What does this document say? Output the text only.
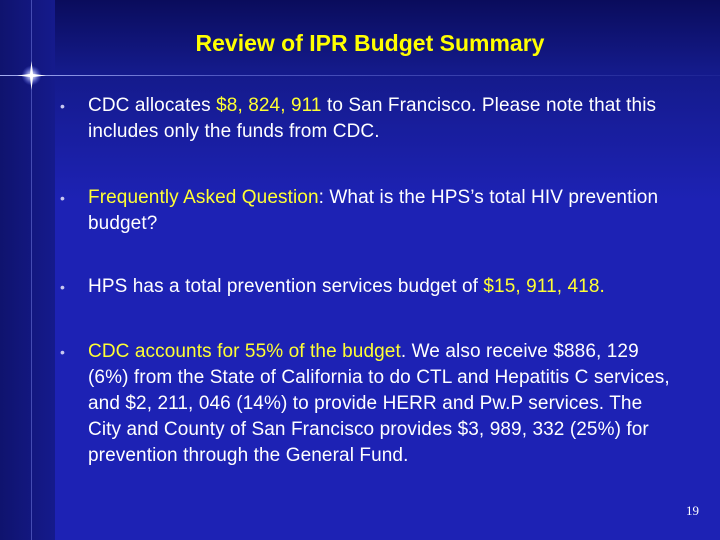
Review of IPR Budget Summary
• CDC allocates $8, 824, 911 to San Francisco. Please note that this includes only the funds from CDC.
• Frequently Asked Question: What is the HPS’s total HIV prevention budget?
• HPS has a total prevention services budget of $15, 911, 418.
• CDC accounts for 55% of the budget. We also receive $886, 129 (6%) from the State of California to do CTL and Hepatitis C services, and $2, 211, 046 (14%) to provide HERR and Pw.P services. The City and County of San Francisco provides $3, 989, 332 (25%) for prevention through the General Fund.
19
